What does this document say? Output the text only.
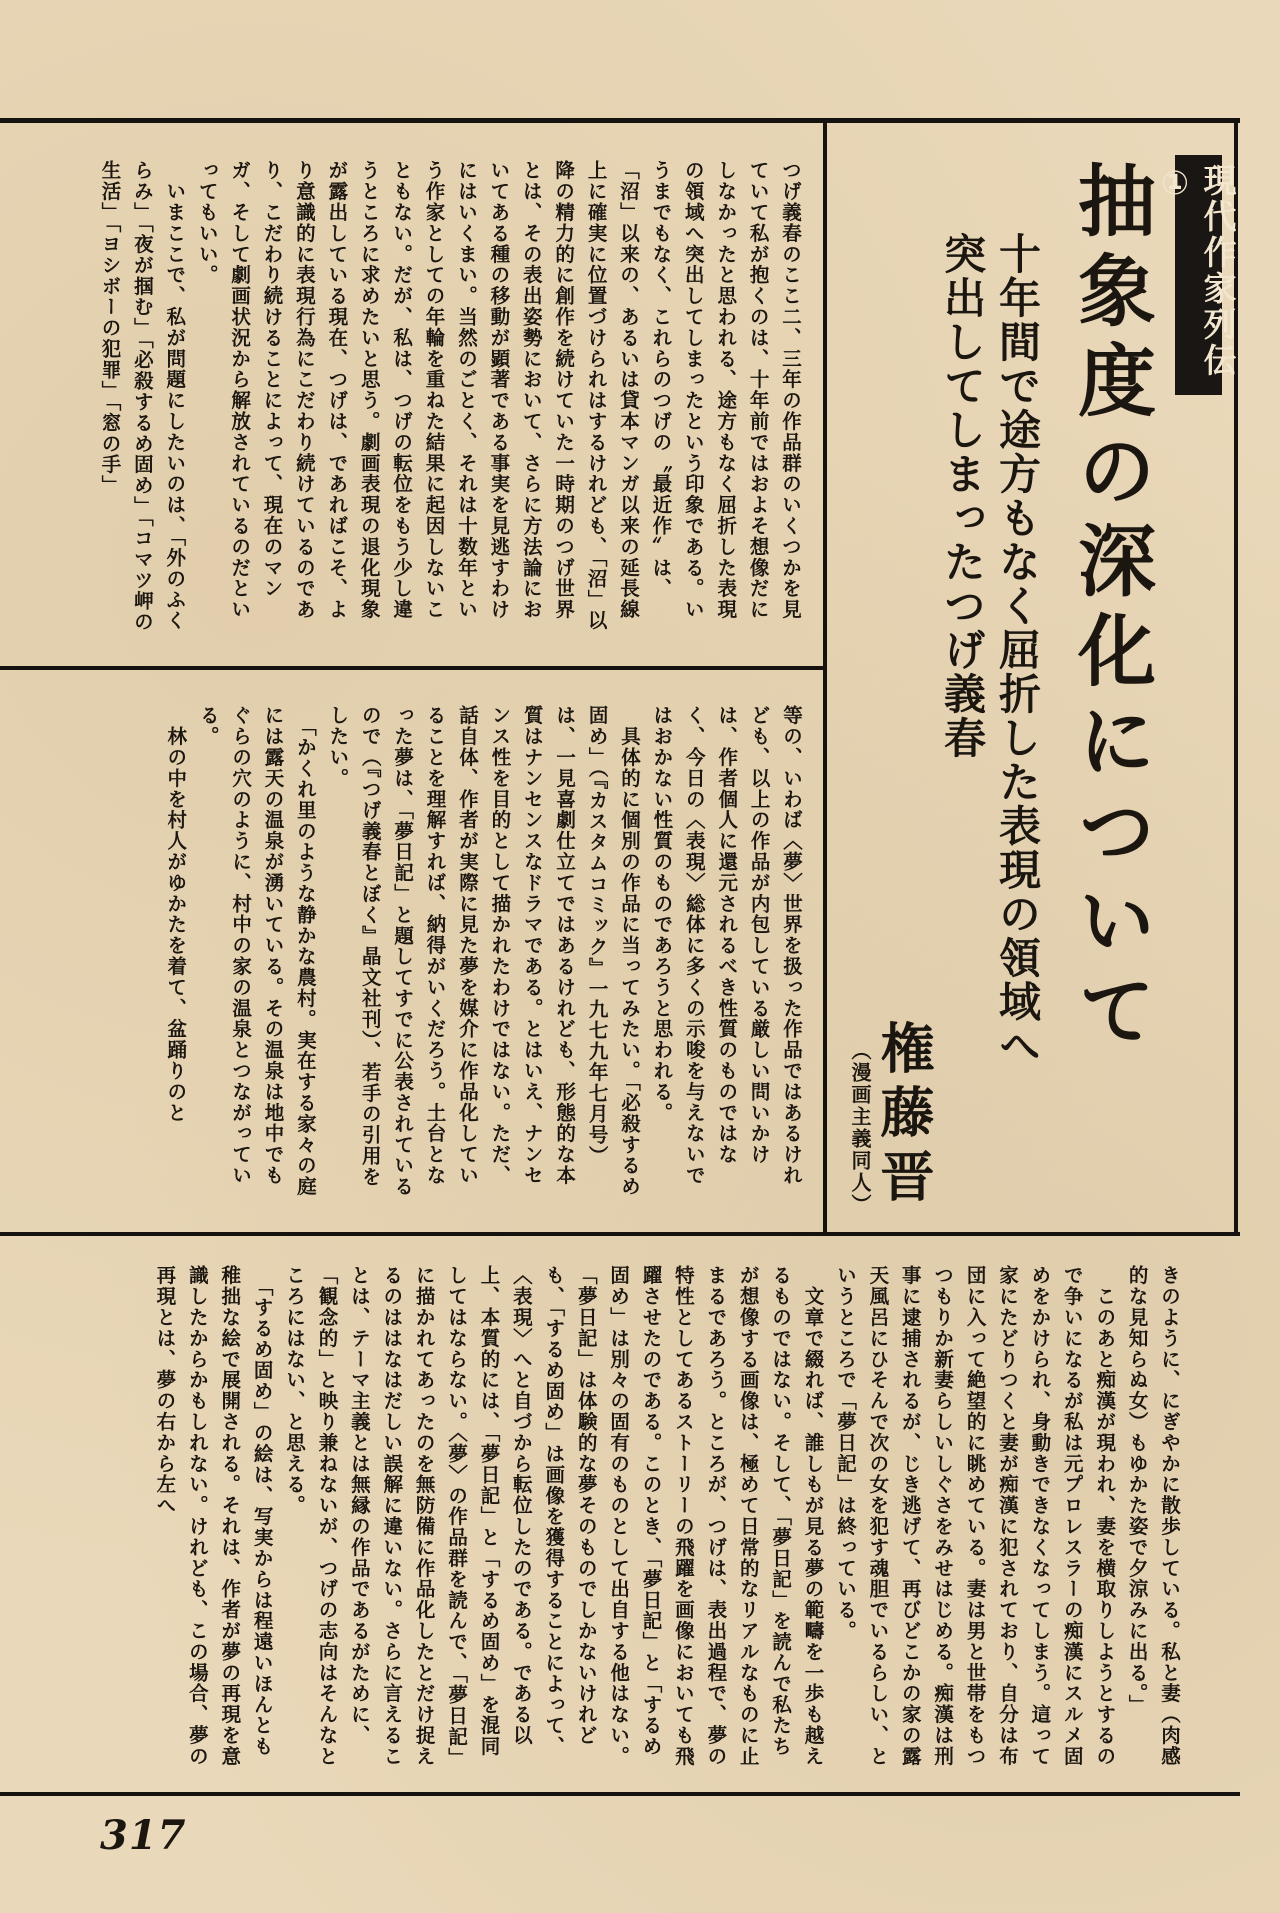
現代作家列伝①
抽象度の深化について
十年間で途方もなく屈折した表現の領域へ
突出してしまったつげ義春
権藤晋
（漫画主義同人）
つげ義春のここ二、三年の作品群のいくつかを見ていて私が抱くのは、十年前ではおよそ想像だにしなかったと思われる、途方もなく屈折した表現の領域へ突出してしまったという印象である。いうまでもなく、これらのつげの〝最近作〟は、「沼」以来の、あるいは貸本マンガ以来の延長線上に確実に位置づけられはするけれども、「沼」以降の精力的に創作を続けていた一時期のつげ世界とは、その表出姿勢において、さらに方法論においてある種の移動が顕著である事実を見逃すわけにはいくまい。当然のごとく、それは十数年という作家としての年輪を重ねた結果に起因しないこともない。だが、私は、つげの転位をもう少し違うところに求めたいと思う。劇画表現の退化現象が露出している現在、つげは、であればこそ、より意識的に表現行為にこだわり続けているのであり、こだわり続けることによって、現在のマンガ、そして劇画状況から解放されているのだといってもいい。
　いまここで、私が問題にしたいのは、「外のふくらみ」「夜が掴む」「必殺するめ固め」「コマツ岬の生活」「ヨシボーの犯罪」「窓の手」
等の、いわば〈夢〉世界を扱った作品ではあるけれども、以上の作品が内包している厳しい問いかけは、作者個人に還元されるべき性質のものではなく、今日の〈表現〉総体に多くの示唆を与えないではおかない性質のものであろうと思われる。
　具体的に個別の作品に当ってみたい。「必殺するめ固め」（『カスタムコミック』一九七九年七月号）は、一見喜劇仕立てではあるけれども、形態的な本質はナンセンスなドラマである。とはいえ、ナンセンス性を目的として描かれたわけではない。ただ、話自体、作者が実際に見た夢を媒介に作品化していることを理解すれば、納得がいくだろう。土台となった夢は、「夢日記」と題してすでに公表されているので（『つげ義春とぼく』晶文社刊）、若手の引用をしたい。
　「かくれ里のような静かな農村。実在する家々の庭には露天の温泉が湧いている。その温泉は地中でもぐらの穴のように、村中の家の温泉とつながっている。
　林の中を村人がゆかたを着て、盆踊りのと
きのように、にぎやかに散歩している。私と妻（肉感的な見知らぬ女）もゆかた姿で夕涼みに出る。」
　このあと痴漢が現われ、妻を横取りしようとするので争いになるが私は元プロレスラーの痴漢にスルメ固めをかけられ、身動きできなくなってしまう。這って家にたどりつくと妻が痴漢に犯されており、自分は布団に入って絶望的に眺めている。妻は男と世帯をもつつもりか新妻らしいしぐさをみせはじめる。痴漢は刑事に逮捕されるが、じき逃げて、再びどこかの家の露天風呂にひそんで次の女を犯す魂胆でいるらしい、というところで「夢日記」は終っている。
　文章で綴れば、誰しもが見る夢の範疇を一歩も越えるものではない。そして、「夢日記」を読んで私たちが想像する画像は、極めて日常的なリアルなものに止まるであろう。ところが、つげは、表出過程で、夢の特性としてあるストーリーの飛躍を画像においても飛躍させたのである。このとき、「夢日記」と「するめ固め」は別々の固有のものとして出自する他はない。「夢日記」は体験的な夢そのものでしかないけれども、「するめ固め」は画像を獲得することによって、〈表現〉へと自づから転位したのである。である以上、本質的には、「夢日記」と「するめ固め」を混同してはならない。〈夢〉の作品群を読んで、「夢日記」に描かれてあったのを無防備に作品化したとだけ捉えるのははなはだしい誤解に違いない。さらに言えることは、テーマ主義とは無縁の作品であるがために、「観念的」と映り兼ねないが、つげの志向はそんなところにはない、と思える。
　「するめ固め」の絵は、写実からは程遠いほんとも稚拙な絵で展開される。それは、作者が夢の再現を意識したからかもしれない。けれども、この場合、夢の再現とは、夢の右から左へ
317
